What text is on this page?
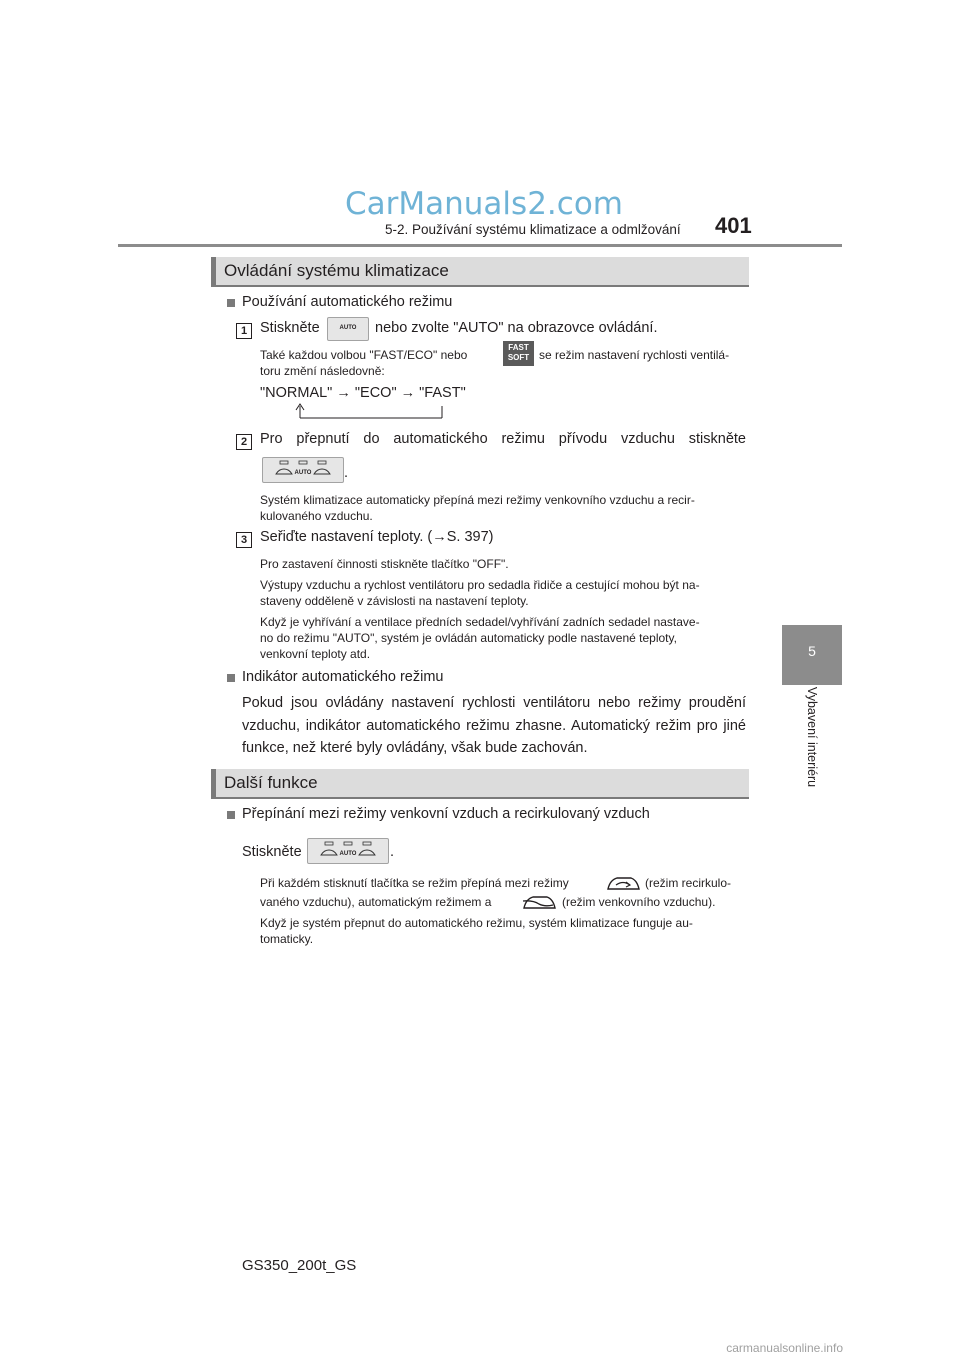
CarManuals2.com
5-2. Používání systému klimatizace a odmlžování 401
5
Vybavení interiéru
Ovládání systému klimatizace
Používání automatického režimu
1 Stiskněte	AUTO	nebo zvolte "AUTO" na obrazovce ovládání.
Také každou volbou "FAST/ECO" nebo
FAST
SOFT se režim nastavení rychlosti ventilá-
toru změní následovně:
"NORMAL" → "ECO" → "FAST"
2 Pro přepnutí do automatického režimu přívodu vzduchu stiskněte
AUTO	.
Systém klimatizace automaticky přepíná mezi režimy venkovního vzduchu a recir-
kulovaného vzduchu.
3 Seřiďte nastavení teploty. (→S. 397)
Pro zastavení činnosti stiskněte tlačítko "OFF".
Výstupy vzduchu a rychlost ventilátoru pro sedadla řidiče a cestující mohou být na-
staveny odděleně v závislosti na nastavení teploty.
Když je vyhřívání a ventilace předních sedadel/vyhřívání zadních sedadel nastave-
no do režimu "AUTO", systém je ovládán automaticky podle nastavené teploty,
venkovní teploty atd.
Indikátor automatického režimu
Pokud jsou ovládány nastavení rychlosti ventilátoru nebo režimy proudění
vzduchu, indikátor automatického režimu zhasne. Automatický režim pro jiné
funkce, než které byly ovládány, však bude zachován.
Další funkce
Přepínání mezi režimy venkovní vzduch a recirkulovaný vzduch
Stiskněte	AUTO	.
Při každém stisknutí tlačítka se režim přepíná mezi režimy	(režim recirkulo-
vaného vzduchu), automatickým režimem a	(režim venkovního vzduchu).
Když je systém přepnut do automatického režimu, systém klimatizace funguje au-
tomaticky.
GS350_200t_GS
carmanualsonline.info
